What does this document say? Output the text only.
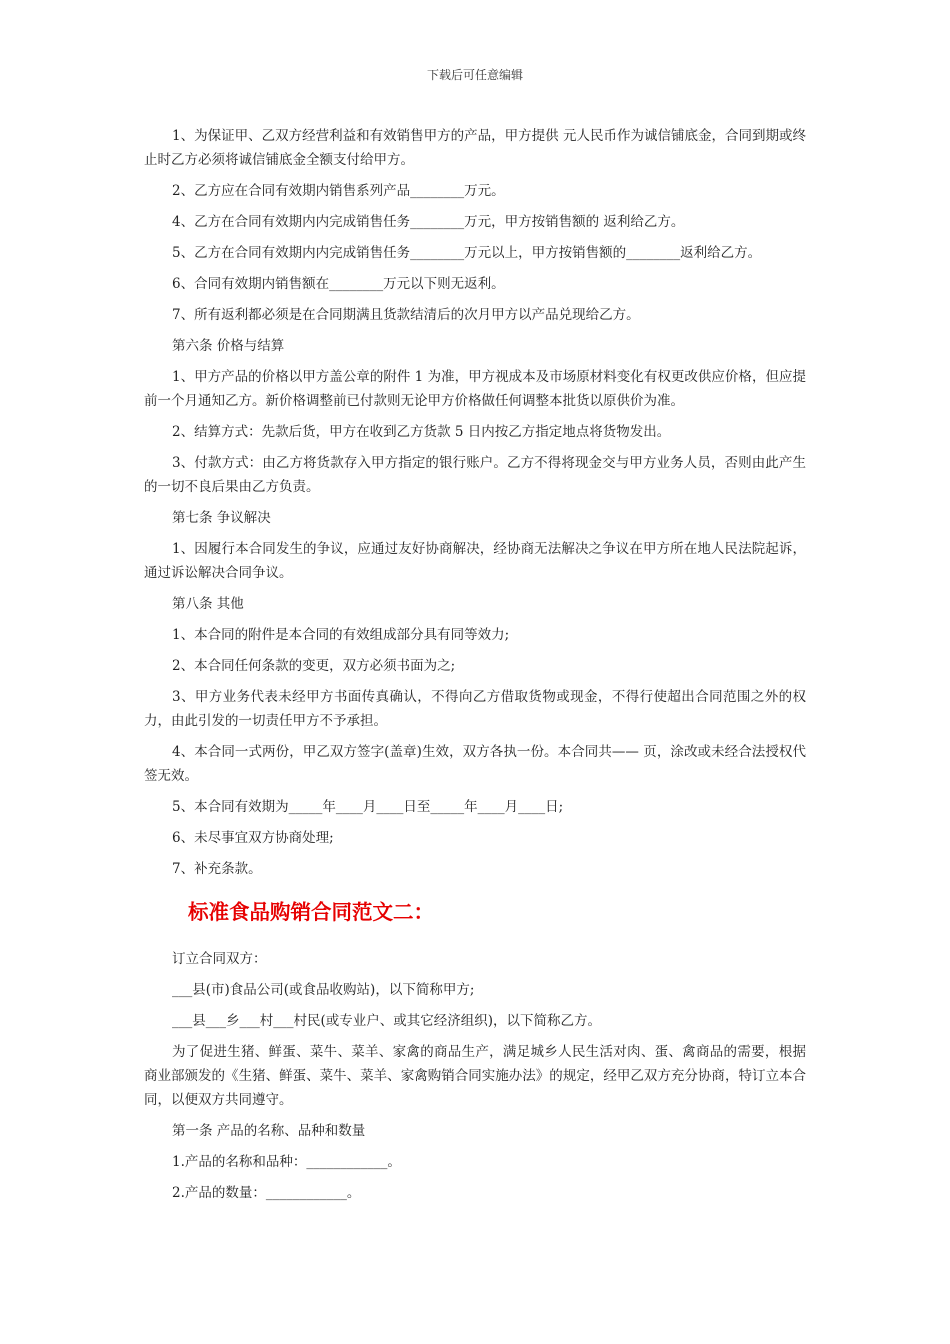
下载后可任意编辑

1、为保证甲、乙双方经营利益和有效销售甲方的产品，甲方提供 元人民币作为诚信铺底金，合同到期或终止时乙方必须将诚信铺底金全额支付给甲方。

2、乙方应在合同有效期内销售系列产品________万元。

4、乙方在合同有效期内内完成销售任务________万元，甲方按销售额的 返利给乙方。

5、乙方在合同有效期内内完成销售任务________万元以上，甲方按销售额的________返利给乙方。

6、合同有效期内销售额在________万元以下则无返利。

7、所有返利都必须是在合同期满且货款结清后的次月甲方以产品兑现给乙方。

第六条 价格与结算

1、甲方产品的价格以甲方盖公章的附件 1 为准，甲方视成本及市场原材料变化有权更改供应价格，但应提前一个月通知乙方。新价格调整前已付款则无论甲方价格做任何调整本批货以原供价为准。

2、结算方式：先款后货，甲方在收到乙方货款 5 日内按乙方指定地点将货物发出。

3、付款方式：由乙方将货款存入甲方指定的银行账户。乙方不得将现金交与甲方业务人员，否则由此产生的一切不良后果由乙方负责。

第七条 争议解决

1、因履行本合同发生的争议，应通过友好协商解决，经协商无法解决之争议在甲方所在地人民法院起诉，通过诉讼解决合同争议。

第八条 其他

1、本合同的附件是本合同的有效组成部分具有同等效力;

2、本合同任何条款的变更，双方必须书面为之;

3、甲方业务代表未经甲方书面传真确认，不得向乙方借取货物或现金，不得行使超出合同范围之外的权力，由此引发的一切责任甲方不予承担。

4、本合同一式两份，甲乙双方签字(盖章)生效，双方各执一份。本合同共—— 页，涂改或未经合法授权代签无效。

5、本合同有效期为_____年____月____日至_____年____月____日;

6、未尽事宜双方协商处理;

7、补充条款。

标准食品购销合同范文二：

订立合同双方：

___县(市)食品公司(或食品收购站)，以下简称甲方;

___县___乡___村___村民(或专业户、或其它经济组织)，以下简称乙方。

为了促进生猪、鲜蛋、菜牛、菜羊、家禽的商品生产，满足城乡人民生活对肉、蛋、禽商品的需要，根据商业部颁发的《生猪、鲜蛋、菜牛、菜羊、家禽购销合同实施办法》的规定，经甲乙双方充分协商，特订立本合同，以便双方共同遵守。

第一条 产品的名称、品种和数量

1.产品的名称和品种：____________。

2.产品的数量：____________。
